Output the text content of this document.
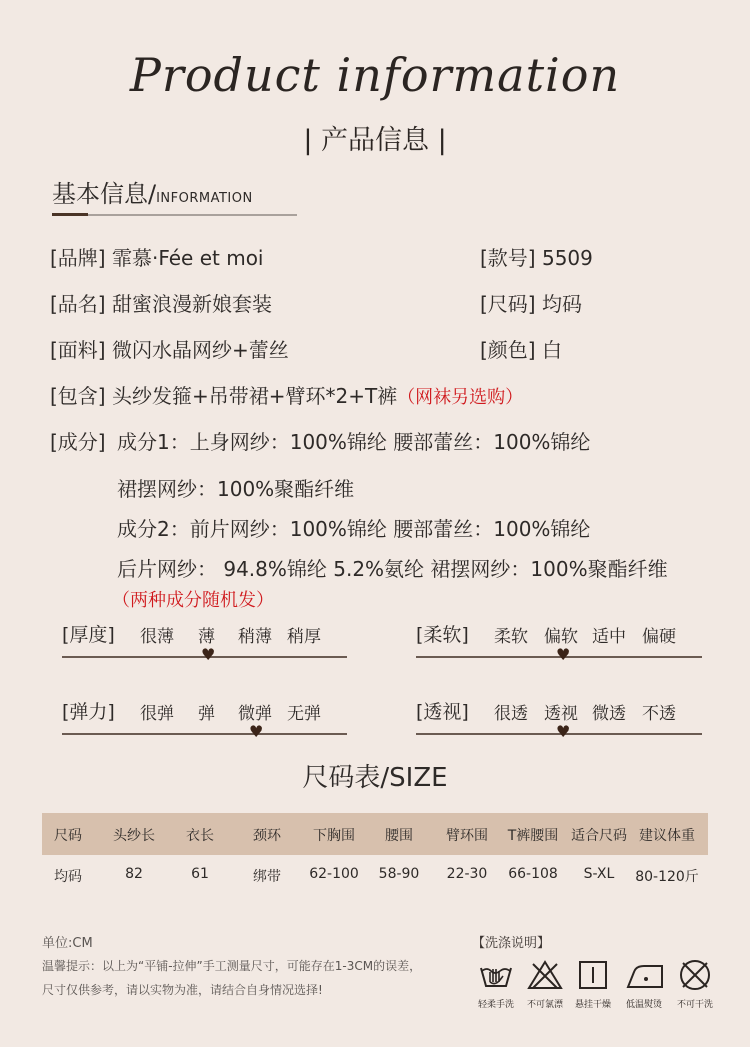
Product information
| 产品信息 |
基本信息/INFORMATION
[品牌] 霏慕·Fée et moi	[款号] 5509
[品名] 甜蜜浪漫新娘套装	[尺码] 均码
[面料] 微闪水晶网纱+蕾丝	[颜色] 白
[包含] 头纱发箍+吊带裙+臂环*2+T裤（网袜另选购）
[成分] 成分1：上身网纱：100%锦纶 腰部蕾丝：100%锦纶
裙摆网纱：100%聚酯纤维
成分2：前片网纱：100%锦纶 腰部蕾丝：100%锦纶
后片网纱： 94.8%锦纶 5.2%氨纶 裙摆网纱：100%聚酯纤维
（两种成分随机发）
[厚度] 很薄 薄 稍薄 稍厚
♥
[柔软] 柔软 偏软 适中 偏硬
♥
[弹力] 很弹 弹 微弹 无弹
♥
[透视] 很透 透视 微透 不透
♥
尺码表/SIZE
尺码	头纱长	衣长	颈环	下胸围	腰围	臂环围	T裤腰围 适合尺码 建议体重
均码	82	61	绑带	62-100 58-90	22-30	66-108	S-XL	80-120斤
单位:CM
温馨提示：以上为“平铺-拉伸”手工测量尺寸，可能存在1-3CM的误差，
尺寸仅供参考，请以实物为准，请结合自身情况选择!
【洗涤说明】
轻柔手洗	不可氯漂	悬挂干燥	低温熨烫	不可干洗
